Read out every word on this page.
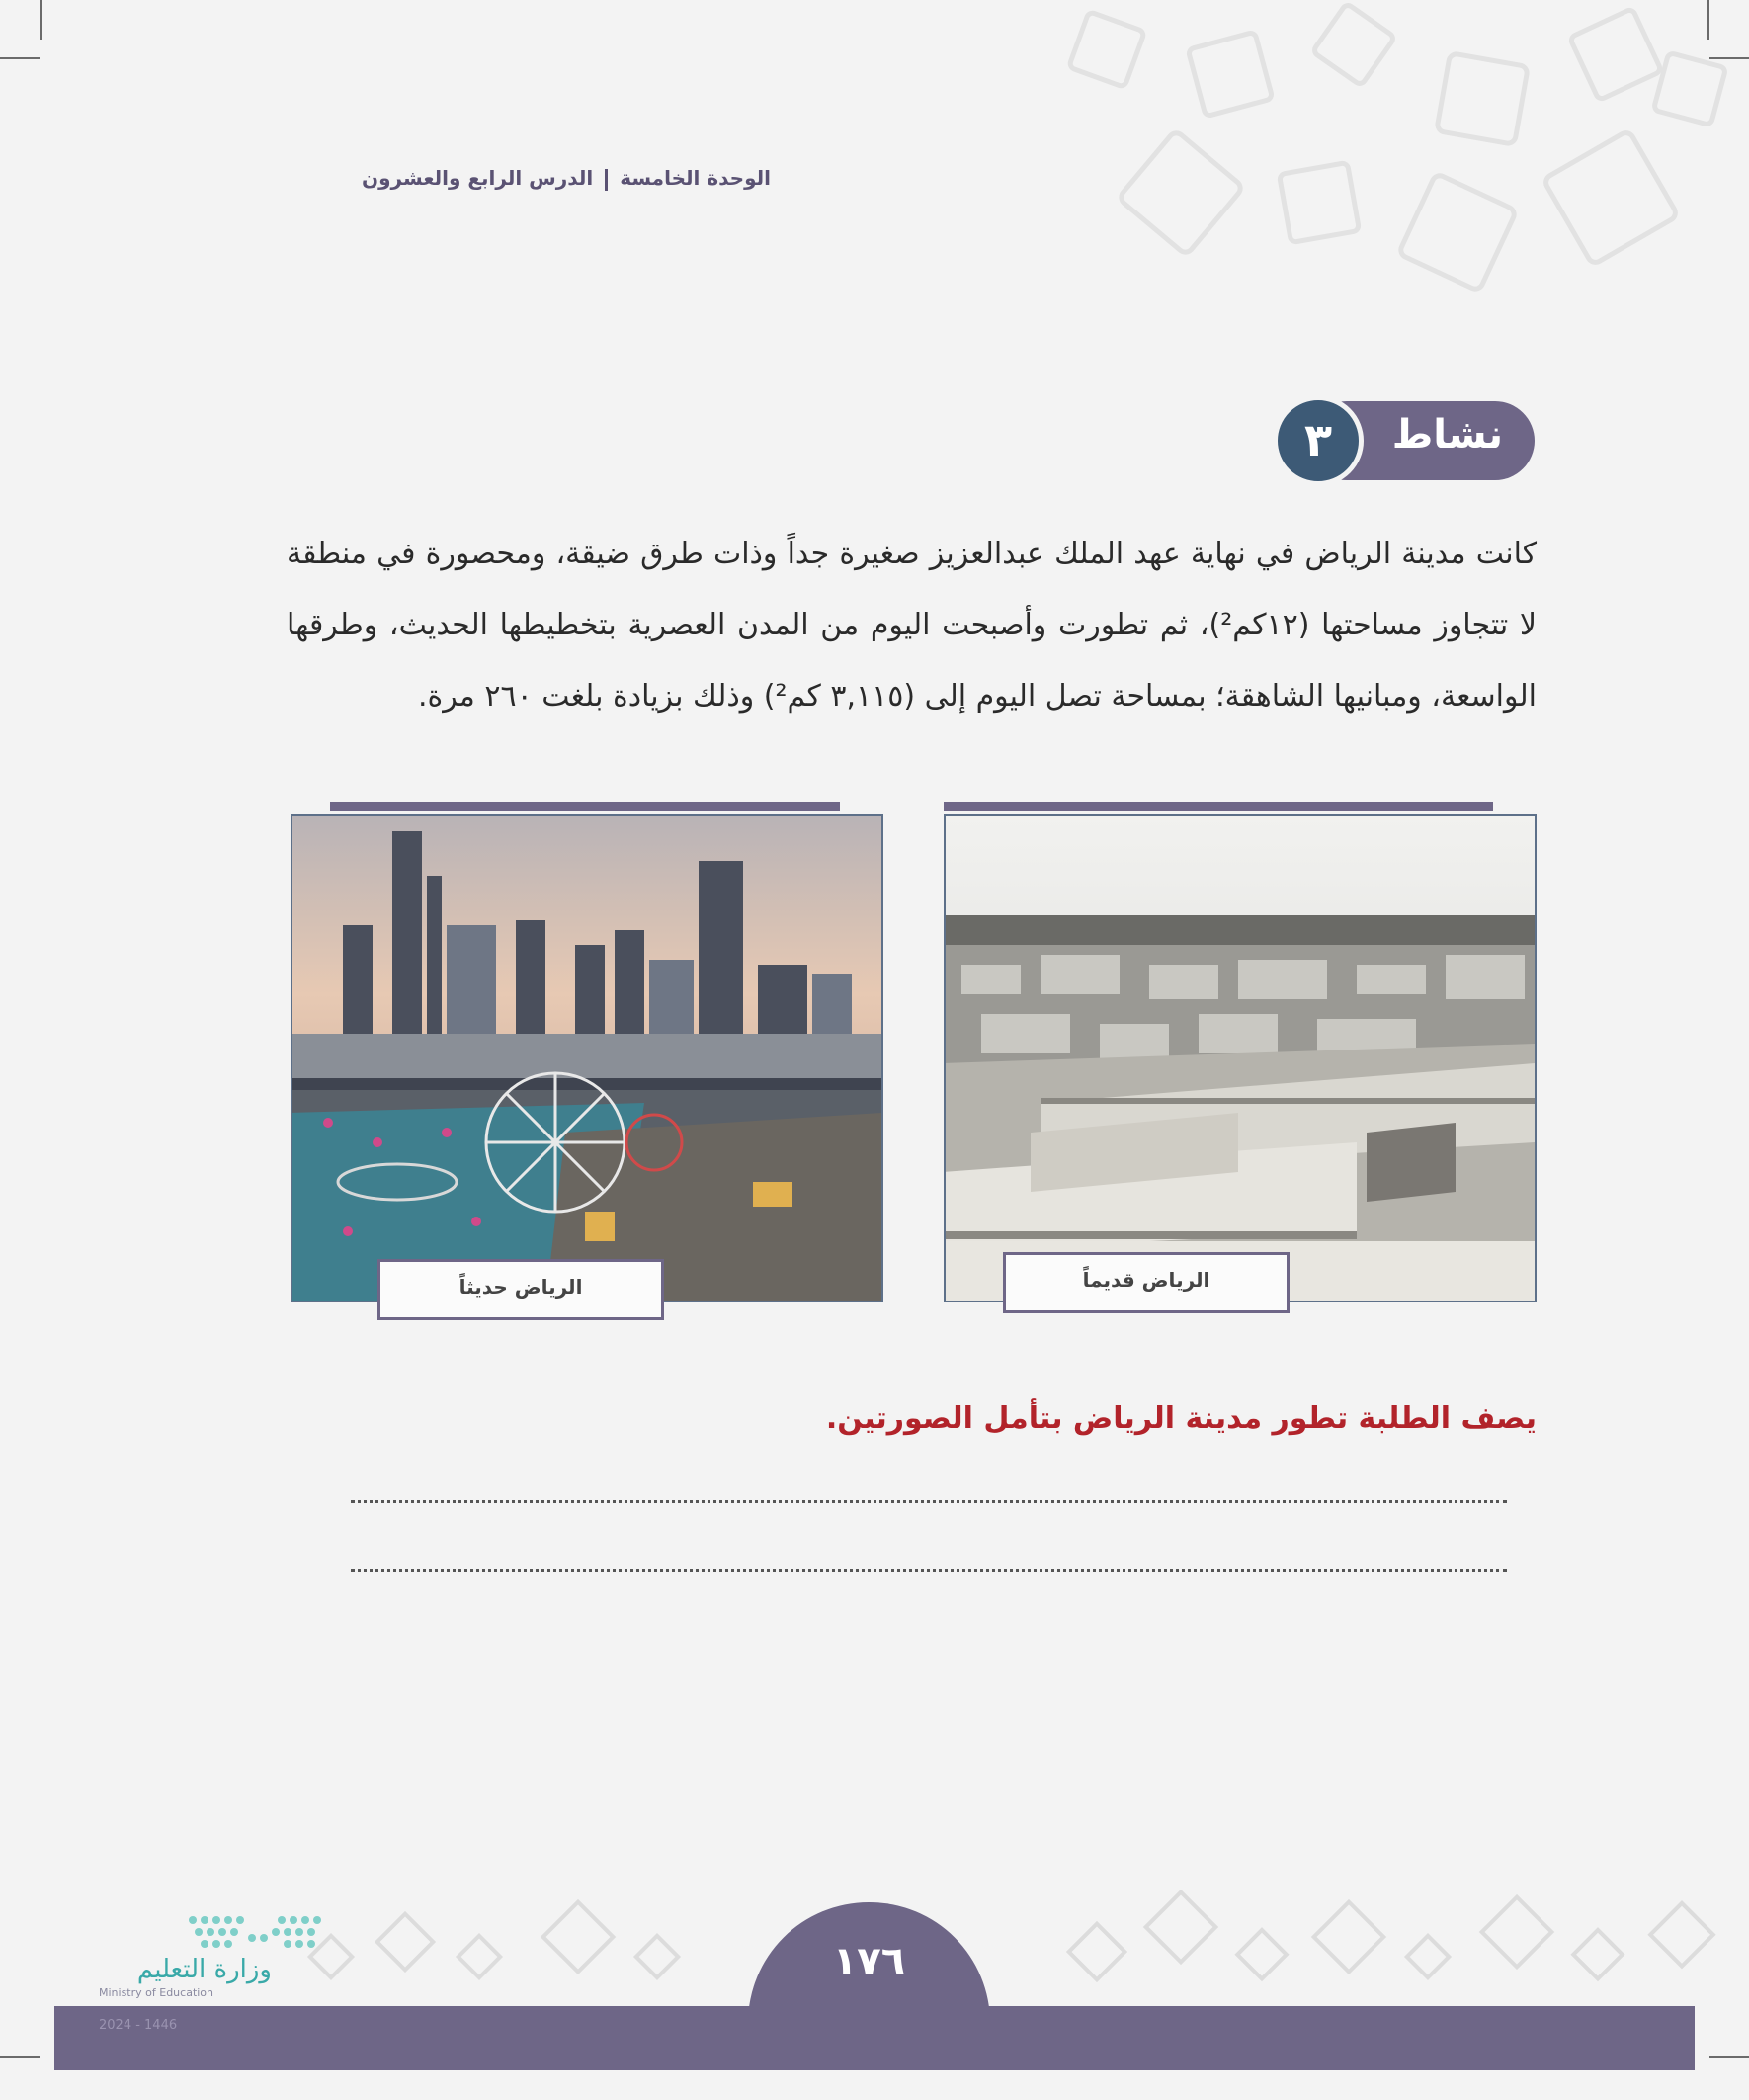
الوحدة الخامسةالدرس الرابع والعشرون
نشاط
٣
كانت مدينة الرياض في نهاية عهد الملك عبدالعزيز صغيرة جداً وذات طرق ضيقة، ومحصورة في منطقة لا تتجاوز مساحتها (١٢كم²)، ثم تطورت وأصبحت اليوم من المدن العصرية بتخطيطها الحديث، وطرقها الواسعة، ومبانيها الشاهقة؛ بمساحة تصل اليوم إلى (٣,١١٥ كم²) وذلك بزيادة بلغت ٢٦٠ مرة.
الرياض قديماً
الرياض حديثاً
يصف الطلبة تطور مدينة الرياض بتأمل الصورتين.
١٧٦
وزارة التعليم
Ministry of Education
2024 - 1446
